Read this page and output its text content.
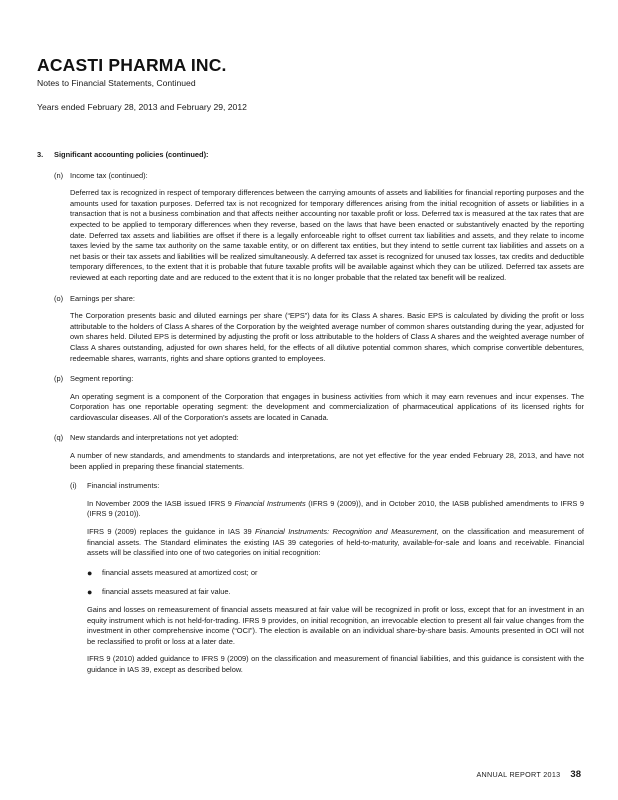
ACASTI PHARMA INC.

Notes to Financial Statements, Continued

Years ended February 28, 2013 and February 29, 2012

3.	Significant accounting policies (continued):
(n) Income tax (continued):

Deferred tax is recognized in respect of temporary differences between the carrying amounts of assets and liabilities for financial reporting purposes and the amounts used for taxation purposes. Deferred tax is not recognized for temporary differences arising from the initial recognition of assets or liabilities in a transaction that is not a business combination and that affects neither accounting nor taxable profit or loss. Deferred tax is measured at the tax rates that are expected to be applied to temporary differences when they reverse, based on the laws that have been enacted or substantively enacted by the reporting date. Deferred tax assets and liabilities are offset if there is a legally enforceable right to offset current tax liabilities and assets, and they relate to income taxes levied by the same tax authority on the same taxable entity, or on different tax entities, but they intend to settle current tax liabilities and assets on a net basis or their tax assets and liabilities will be realized simultaneously. A deferred tax asset is recognized for unused tax losses, tax credits and deductible temporary differences, to the extent that it is probable that future taxable profits will be available against which they can be utilized. Deferred tax assets are reviewed at each reporting date and are reduced to the extent that it is no longer probable that the related tax benefit will be realized.

(o) Earnings per share:

The Corporation presents basic and diluted earnings per share (“EPS”) data for its Class A shares. Basic EPS is calculated by dividing the profit or loss attributable to the holders of Class A shares of the Corporation by the weighted average number of common shares outstanding during the year, adjusted for own shares held. Diluted EPS is determined by adjusting the profit or loss attributable to the holders of Class A shares and the weighted average number of Class A shares outstanding, adjusted for own shares held, for the effects of all dilutive potential common shares, which comprise convertible debentures, redeemable shares, warrants, rights and share options granted to employees.

(p) Segment reporting:

An operating segment is a component of the Corporation that engages in business activities from which it may earn revenues and incur expenses. The Corporation has one reportable operating segment: the development and commercialization of pharmaceutical applications of its licensed rights for cardiovascular diseases. All of the Corporation’s assets are located in Canada.

(q) New standards and interpretations not yet adopted:

A number of new standards, and amendments to standards and interpretations, are not yet effective for the year ended February 28, 2013, and have not been applied in preparing these financial statements.

(i)	Financial instruments:

In November 2009 the IASB issued IFRS 9 Financial Instruments (IFRS 9 (2009)), and in October 2010, the IASB published amendments to IFRS 9 (IFRS 9 (2010)).

IFRS 9 (2009) replaces the guidance in IAS 39 Financial Instruments: Recognition and Measurement, on the classification and measurement of financial assets. The Standard eliminates the existing IAS 39 categories of held-to-maturity, available-for-sale and loans and receivable. Financial assets will be classified into one of two categories on initial recognition:

●	financial assets measured at amortized cost; or
●	financial assets measured at fair value.

Gains and losses on remeasurement of financial assets measured at fair value will be recognized in profit or loss, except that for an investment in an equity instrument which is not held-for-trading. IFRS 9 provides, on initial recognition, an irrevocable election to present all fair value changes from the investment in other comprehensive income (“OCI”). The election is available on an individual share-by-share basis. Amounts presented in OCI will not be reclassified to profit or loss at a later date.

IFRS 9 (2010) added guidance to IFRS 9 (2009) on the classification and measurement of financial liabilities, and this guidance is consistent with the guidance in IAS 39, except as described below.

ANNUAL REPORT 2013 38
